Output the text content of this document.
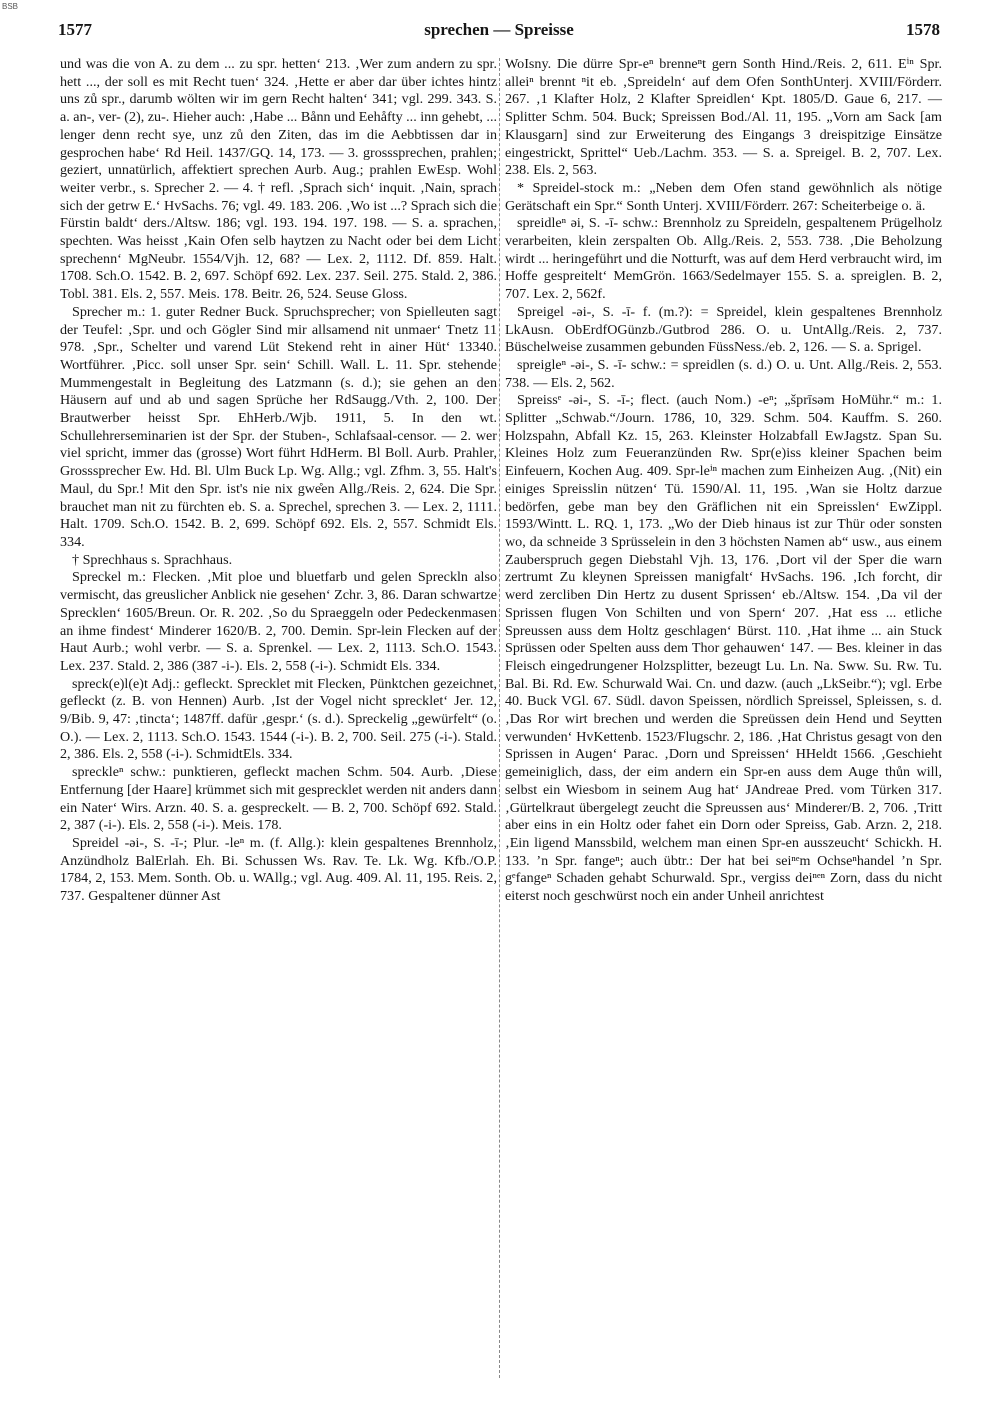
BSB
1577	sprechen — Spreisse	1578

und was die von A. zu dem ... zu spr. hetten‘ 213. ‚Wer zum andern zu spr. hett ..., der soll es mit Recht tuen‘ 324. ‚Hette er aber dar über ichtes hintz uns zů spr., darumb wölten wir im gern Recht halten‘ 341; vgl. 299. 343. S. a. an-, ver- (2), zu-. Hieher auch: ‚Habe ... Bånn und Eehåfty ... inn gehebt, ... lenger denn recht sye, unz zů den Ziten, das im die Aebbtissen dar in gesprochen habe‘ Rd Heil. 1437/GQ. 14, 173. — 3. grosssprechen, prahlen; geziert, unnatürlich, affektiert sprechen Aurb. Aug.; prahlen EwEsp. Wohl weiter verbr., s. Sprecher 2. — 4. † refl. ‚Sprach sich‘ inquit. ‚Nain, sprach sich der getrw E.‘ HvSachs. 76; vgl. 49. 183. 206. ‚Wo ist ...? Sprach sich die Fürstin baldt‘ ders./Altsw. 186; vgl. 193. 194. 197. 198. — S. a. sprachen, spechten. Was heisst ‚Kain Ofen selb haytzen zu Nacht oder bei dem Licht sprechenn‘ MgNeubr. 1554/Vjh. 12, 68? — Lex. 2, 1112. Df. 859. Halt. 1708. Sch.O. 1542. B. 2, 697. Schöpf 692. Lex. 237. Seil. 275. Stald. 2, 386. Tobl. 381. Els. 2, 557. Meis. 178. Beitr. 26, 524. Seuse Gloss.

Sprecher m.: 1. guter Redner Buck. Spruchsprecher; von Spielleuten sagt der Teufel: ‚Spr. und och Gögler Sind mir allsamend nit unmaer‘ Tnetz 11 978. ‚Spr., Schelter und varend Lüt Stekend reht in ainer Hüt‘ 13340. Wortführer. ‚Picc. soll unser Spr. sein‘ Schill. Wall. L. 11. Spr. stehende Mummengestalt in Begleitung des Latzmann (s. d.); sie gehen an den Häusern auf und ab und sagen Sprüche her RdSaugg./Vth. 2, 100. Der Brautwerber heisst Spr. EhHerb./Wjb. 1911, 5. In den wt. Schullehrerseminarien ist der Spr. der Stuben-, Schlafsaal-censor. — 2. wer viel spricht, immer das (grosse) Wort führt HdHerm. Bl Boll. Aurb. Prahler, Grosssprecher Ew. Hd. Bl. Ulm Buck Lp. Wg. Allg.; vgl. Zfhm. 3, 55. Halt's Maul, du Spr.! Mit den Spr. ist's nie nix gwe̊en Allg./Reis. 2, 624. Die Spr. brauchet man nit zu fürchten eb. S. a. Sprechel, sprechen 3. — Lex. 2, 1111. Halt. 1709. Sch.O. 1542. B. 2, 699. Schöpf 692. Els. 2, 557. Schmidt Els. 334.

† Sprechhaus s. Sprachhaus.

Spreckel m.: Flecken. ‚Mit ploe und bluetfarb und gelen Spreckln also vermischt, das greuslicher Anblick nie gesehen‘ Zchr. 3, 86. Daran schwartze Sprecklen‘ 1605/Breun. Or. R. 202. ‚So du Spraeggeln oder Pedeckenmasen an ihme findest‘ Minderer 1620/B. 2, 700. Demin. Spr-lein Flecken auf der Haut Aurb.; wohl verbr. — S. a. Sprenkel. — Lex. 2, 1113. Sch.O. 1543. Lex. 237. Stald. 2, 386 (387 -i-). Els. 2, 558 (-i-). Schmidt Els. 334.

spreck(e)l(e)t Adj.: gefleckt. Sprecklet mit Flecken, Pünktchen gezeichnet, gefleckt (z. B. von Hennen) Aurb. ‚Ist der Vogel nicht sprecklet‘ Jer. 12, 9/Bib. 9, 47: ‚tincta‘; 1487ff. dafür ‚gespr.‘ (s. d.). Spreckelig „gewürfelt“ (o. O.). — Lex. 2, 1113. Sch.O. 1543. 1544 (-i-). B. 2, 700. Seil. 275 (-i-). Stald. 2, 386. Els. 2, 558 (-i-). SchmidtEls. 334.

spreckleⁿ schw.: punktieren, gefleckt machen Schm. 504. Aurb. ‚Diese Entfernung [der Haare] krümmet sich mit gesprecklet werden nit anders dann ein Nater‘ Wirs. Arzn. 40. S. a. gespreckelt. — B. 2, 700. Schöpf 692. Stald. 2, 387 (-i-). Els. 2, 558 (-i-). Meis. 178.

Spreidel -əi-, S. -ī-; Plur. -leⁿ m. (f. Allg.): klein gespaltenes Brennholz, Anzündholz BalErlah. Eh. Bi. Schussen Ws. Rav. Te. Lk. Wg. Kfb./O.P. 1784, 2, 153. Mem. Sonth. Ob. u. WAllg.; vgl. Aug. 409. Al. 11, 195. Reis. 2, 737. Gespaltener dünner Ast

WoIsny. Die dürre Spr-eⁿ brenneⁿt gern Sonth Hind./Reis. 2, 611. Eⁱⁿ Spr. alleiⁿ brennt ⁿit eb. ‚Spreideln‘ auf dem Ofen SonthUnterj. XVIII/Förderr. 267. ‚1 Klafter Holz, 2 Klafter Spreidlen‘ Kpt. 1805/D. Gaue 6, 217. — Splitter Schm. 504. Buck; Spreissen Bod./Al. 11, 195. „Vorn am Sack [am Klausgarn] sind zur Erweiterung des Eingangs 3 dreispitzige Einsätze eingestrickt, Sprittel“ Ueb./Lachm. 353. — S. a. Spreigel. B. 2, 707. Lex. 238. Els. 2, 563.

* Spreidel-stock m.: „Neben dem Ofen stand gewöhnlich als nötige Gerätschaft ein Spr.“ Sonth Unterj. XVIII/Förderr. 267: Scheiterbeige o. ä.

spreidleⁿ əi, S. -ī- schw.: Brennholz zu Spreideln, gespaltenem Prügelholz verarbeiten, klein zerspalten Ob. Allg./Reis. 2, 553. 738. ‚Die Beholzung wirdt ... heringeführt und die Notturft, was auf dem Herd verbraucht wird, im Hoffe gespreitelt‘ MemGrön. 1663/Sedelmayer 155. S. a. spreiglen. B. 2, 707. Lex. 2, 562f.

Spreigel -əi-, S. -ī- f. (m.?): = Spreidel, klein gespaltenes Brennholz LkAusn. ObErdfOGünzb./Gutbrod 286. O. u. UntAllg./Reis. 2, 737. Büschelweise zusammen gebunden FüssNess./eb. 2, 126. — S. a. Sprigel.

spreigleⁿ -əi-, S. -ī- schw.: = spreidlen (s. d.) O. u. Unt. Allg./Reis. 2, 553. 738. — Els. 2, 562.

Spreissᵉ -əi-, S. -ī-; flect. (auch Nom.) -eⁿ; „šprīsəm HoMühr.“ m.: 1. Splitter „Schwab.“/Journ. 1786, 10, 329. Schm. 504. Kauffm. S. 260. Holzspahn, Abfall Kz. 15, 263. Kleinster Holzabfall EwJagstz. Span Su. Kleines Holz zum Feueranzünden Rw. Spr(e)iss kleiner Spachen beim Einfeuern, Kochen Aug. 409. Spr-leⁱⁿ machen zum Einheizen Aug. ‚(Nit) ein einiges Spreisslin nützen‘ Tü. 1590/Al. 11, 195. ‚Wan sie Holtz darzue bedörfen, gebe man bey den Gräflichen nit ein Spreisslen‘ EwZippl. 1593/Wintt. L. RQ. 1, 173. „Wo der Dieb hinaus ist zur Thür oder sonsten wo, da schneide 3 Sprüsselein in den 3 höchsten Namen ab“ usw., aus einem Zauberspruch gegen Diebstahl Vjh. 13, 176. ‚Dort vil der Sper die warn zertrumt Zu kleynen Spreissen manigfalt‘ HvSachs. 196. ‚Ich forcht, dir werd zercliben Din Hertz zu dusent Sprissen‘ eb./Altsw. 154. ‚Da vil der Sprissen flugen Von Schilten und von Spern‘ 207. ‚Hat ess ... etliche Spreussen auss dem Holtz geschlagen‘ Bürst. 110. ‚Hat ihme ... ain Stuck Sprüssen oder Spelten auss dem Thor gehauwen‘ 147. — Bes. kleiner in das Fleisch eingedrungener Holzsplitter, bezeugt Lu. Ln. Na. Sww. Su. Rw. Tu. Bal. Bi. Rd. Ew. Schurwald Wai. Cn. und dazw. (auch „LkSeibr.“); vgl. Erbe 40. Buck VGl. 67. Südl. davon Speissen, nördlich Spreissel, Spleissen, s. d. ‚Das Ror wirt brechen und werden die Spreüssen dein Hend und Seytten verwunden‘ HvKettenb. 1523/Flugschr. 2, 186. ‚Hat Christus gesagt von den Sprissen in Augen‘ Parac. ‚Dorn und Spreissen‘ HHeldt 1566. ‚Geschieht gemeiniglich, dass, der eim andern ein Spr-en auss dem Auge thůn will, selbst ein Wiesbom in seinem Aug hat‘ JAndreae Pred. vom Türken 317. ‚Gürtelkraut übergelegt zeucht die Spreussen aus‘ Minderer/B. 2, 706. ‚Tritt aber eins in ein Holtz oder fahet ein Dorn oder Spreiss, Gab. Arzn. 2, 218. ‚Ein ligend Manssbild, welchem man einen Spr-en ausszeucht‘ Schickh. H. 133. ’n Spr. fangeⁿ; auch übtr.: Der hat bei seiⁿᵉm Ochseⁿhandel ’n Spr. gᵉfangeⁿ Schaden gehabt Schurwald. Spr., vergiss deiⁿᵉⁿ Zorn, dass du nicht eiterst noch geschwürst noch ein ander Unheil anrichtest
